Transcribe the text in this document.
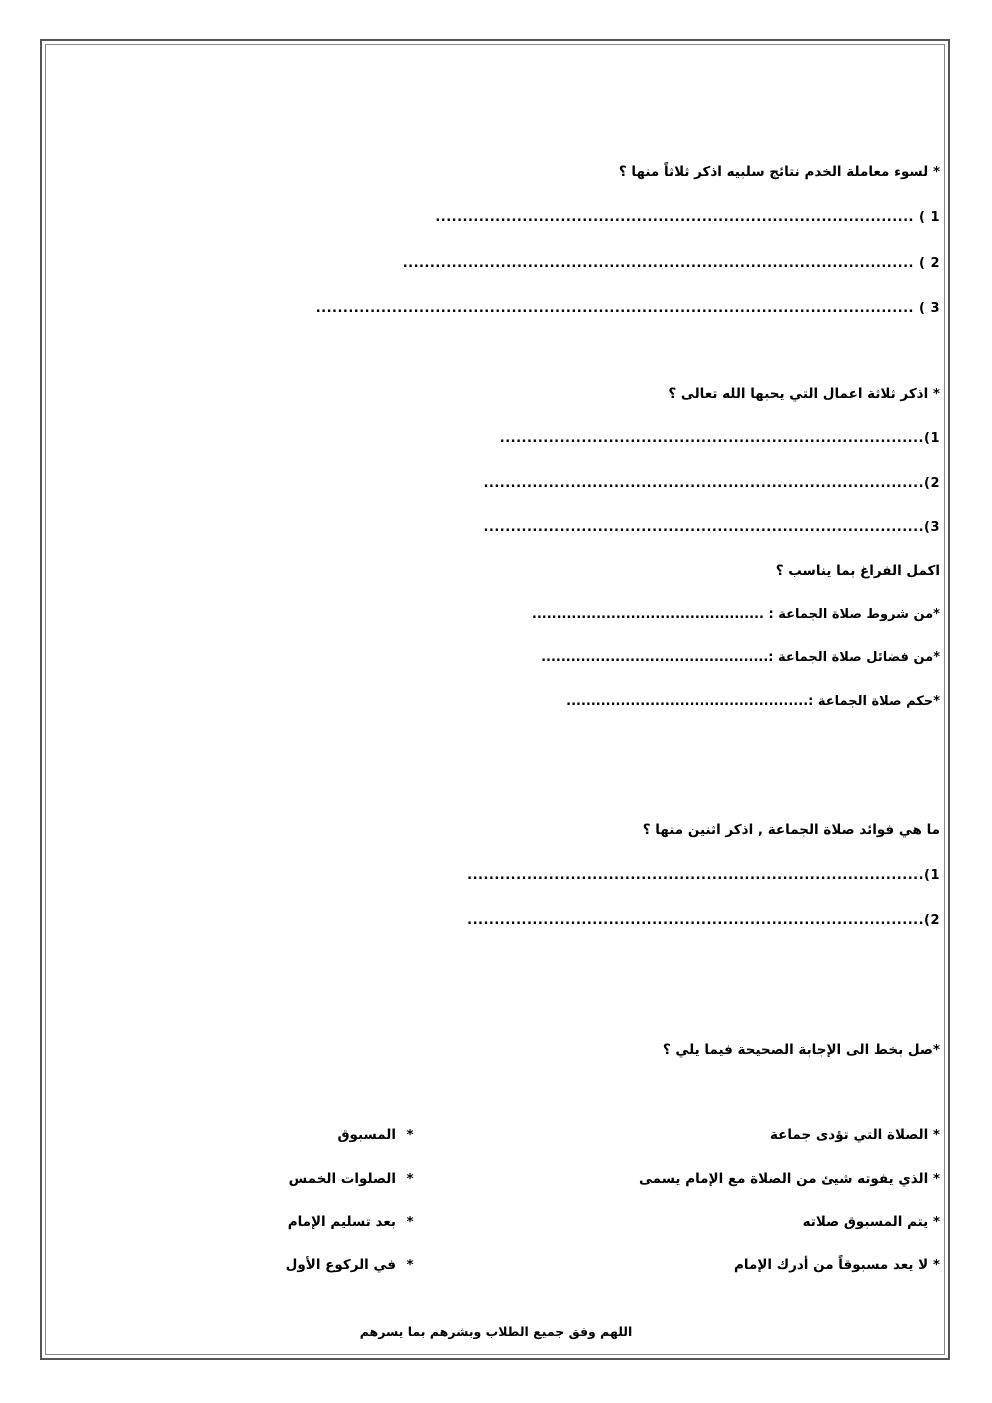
* لسوء معاملة الخدم نتائج سلبيه اذكر ثلاثاً منها ؟
1 ) ........................................................................................
2 ) ..............................................................................................
3 ) ..............................................................................................................
* اذكر ثلاثة اعمال التي يحبها الله تعالى ؟
1)..............................................................................
2).................................................................................
3).................................................................................
اكمل الفراغ بما يناسب ؟
*من شروط صلاة الجماعة : ...............................................
*من فضائل صلاة الجماعة :..............................................
*حكم صلاة الجماعة :.................................................
ما هي فوائد صلاة الجماعة , اذكر اثنين منها ؟
1)....................................................................................
2)....................................................................................
*صل بخط الى الإجابة الصحيحة فيما يلي ؟
* الصلاة التي تؤدى جماعة
* الذي يفوته شيئ من الصلاة مع الإمام يسمى
* يتم المسبوق صلاته
* لا يعد مسبوقاً من أدرك الإمام
*المسبوق
*الصلوات الخمس
*بعد تسليم الإمام
*في الركوع الأول
اللهم وفق جميع الطلاب وبشرهم بما يسرهم
